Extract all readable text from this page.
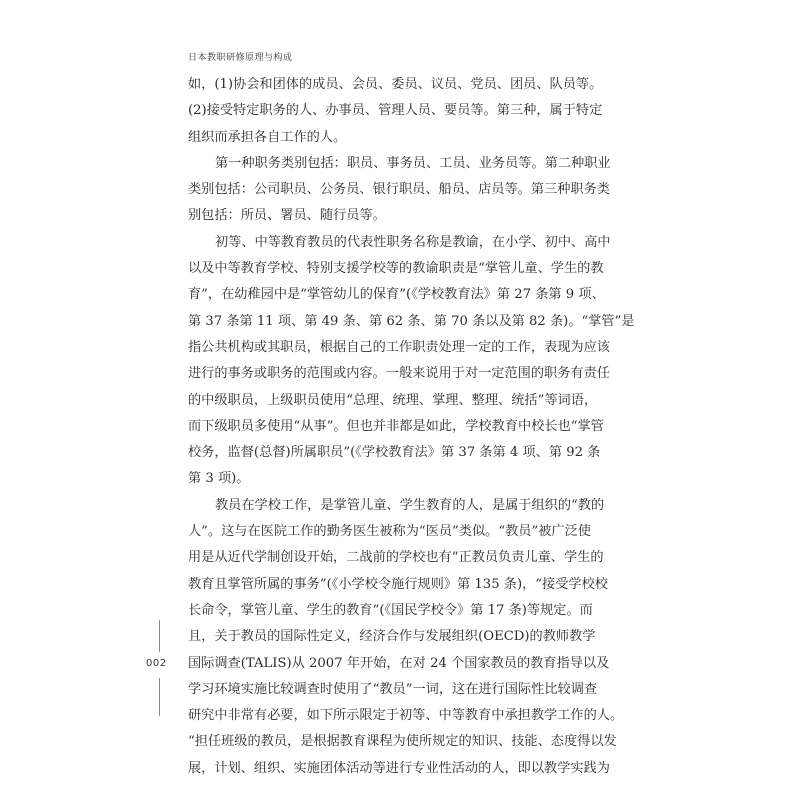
日本教职研修原理与构成
如，(1)协会和团体的成员、会员、委员、议员、党员、团员、队员等。
(2)接受特定职务的人、办事员、管理人员、要员等。第三种，属于特定
组织而承担各自工作的人。
第一种职务类别包括：职员、事务员、工员、业务员等。第二种职业
类别包括：公司职员、公务员、银行职员、船员、店员等。第三种职务类
别包括：所员、署员、随行员等。
初等、中等教育教员的代表性职务名称是教谕，在小学、初中、高中
以及中等教育学校、特别支援学校等的教谕职责是“掌管儿童、学生的教
育”，在幼稚园中是“掌管幼儿的保育”(《学校教育法》第 27 条第 9 项、
第 37 条第 11 项、第 49 条、第 62 条、第 70 条以及第 82 条)。“掌管”是
指公共机构或其职员，根据自己的工作职责处理一定的工作，表现为应该
进行的事务或职务的范围或内容。一般来说用于对一定范围的职务有责任
的中级职员，上级职员使用“总理、统理、掌理、整理、统括”等词语，
而下级职员多使用“从事”。但也并非都是如此，学校教育中校长也“掌管
校务，监督(总督)所属职员”(《学校教育法》第 37 条第 4 项、第 92 条
第 3 项)。
教员在学校工作，是掌管儿童、学生教育的人，是属于组织的“教的
人”。这与在医院工作的勤务医生被称为“医员”类似。“教员”被广泛使
用是从近代学制创设开始，二战前的学校也有“正教员负责儿童、学生的
教育且掌管所属的事务”(《小学校令施行规则》第 135 条)，“接受学校校
长命令，掌管儿童、学生的教育”(《国民学校令》第 17 条)等规定。而
且，关于教员的国际性定义，经济合作与发展组织(OECD)的教师教学
国际调查(TALIS)从 2007 年开始，在对 24 个国家教员的教育指导以及
学习环境实施比较调查时使用了“教员”一词，这在进行国际性比较调查
研究中非常有必要，如下所示限定于初等、中等教育中承担教学工作的人。
“担任班级的教员，是根据教育课程为使所规定的知识、技能、态度得以发
展，计划、组织、实施团体活动等进行专业性活动的人，即以教学实践为
002
